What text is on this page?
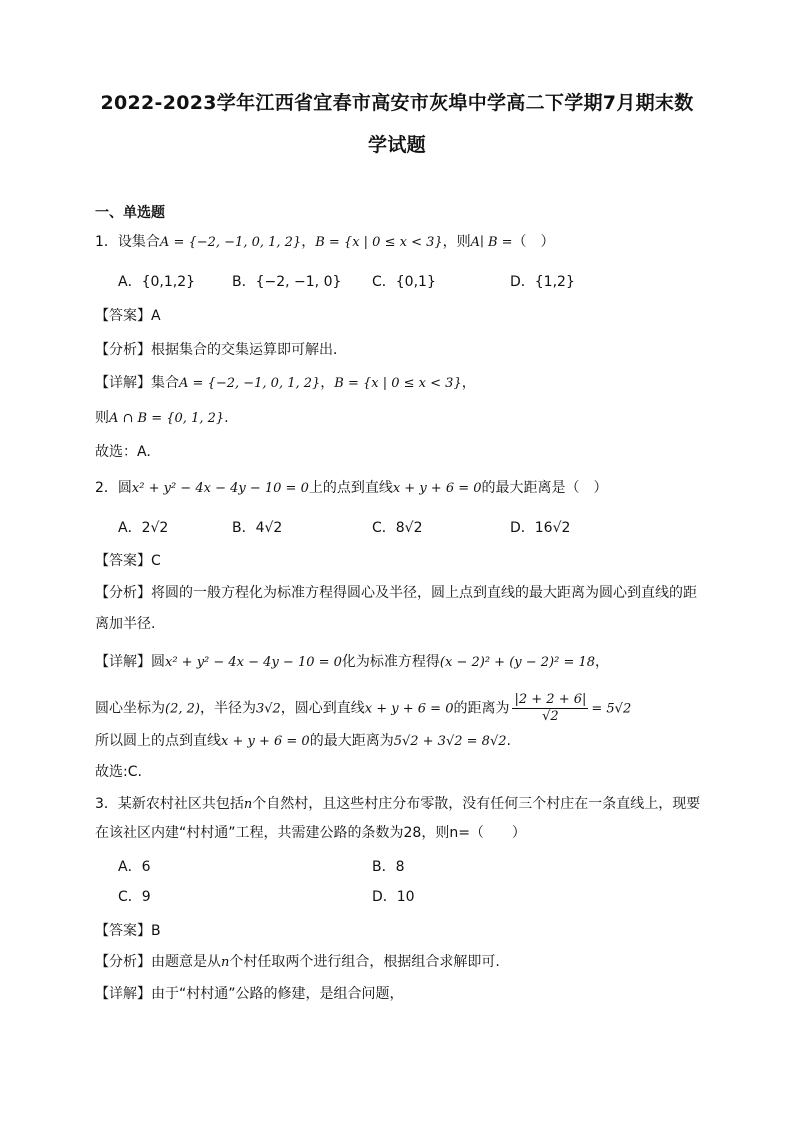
2022-2023学年江西省宜春市高安市灰埠中学高二下学期7月期末数
学试题
一、单选题
1．设集合A = {−2, −1, 0, 1, 2}，B = {x | 0 ≤ x < 3}，则A∣ B =（　）
A．{0,1,2}	B．{−2, −1, 0} C．{0,1}	D．{1,2}
【答案】A
【分析】根据集合的交集运算即可解出．
【详解】集合A = {−2, −1, 0, 1, 2}，B = {x | 0 ≤ x < 3}，
则A ∩ B = {0, 1, 2}.
故选：A.
2．圆x² + y² − 4x − 4y − 10 = 0上的点到直线x + y + 6 = 0的最大距离是（　）
A．2√2	B．4√2	C．8√2	D．16√2
【答案】C
【分析】将圆的一般方程化为标准方程得圆心及半径，圆上点到直线的最大距离为圆心到直线的距
离加半径.
【详解】圆x² + y² − 4x − 4y − 10 = 0化为标准方程得(x − 2)² + (y − 2)² = 18，
圆心坐标为(2, 2)，半径为3√2，圆心到直线x + y + 6 = 0的距离为 $\frac{|2 + 2 + 6|}{√2} = 5√2$
所以圆上的点到直线x + y + 6 = 0的最大距离为5√2 + 3√2 = 8√2.
故选:C.
3．某新农村社区共包括n个自然村，且这些村庄分布零散，没有任何三个村庄在一条直线上，现要
在该社区内建“村村通”工程，共需建公路的条数为28，则n=（　　）
A．6	B．8
C．9	D．10
【答案】B
【分析】由题意是从n个村任取两个进行组合，根据组合求解即可.
【详解】由于“村村通”公路的修建，是组合问题，
